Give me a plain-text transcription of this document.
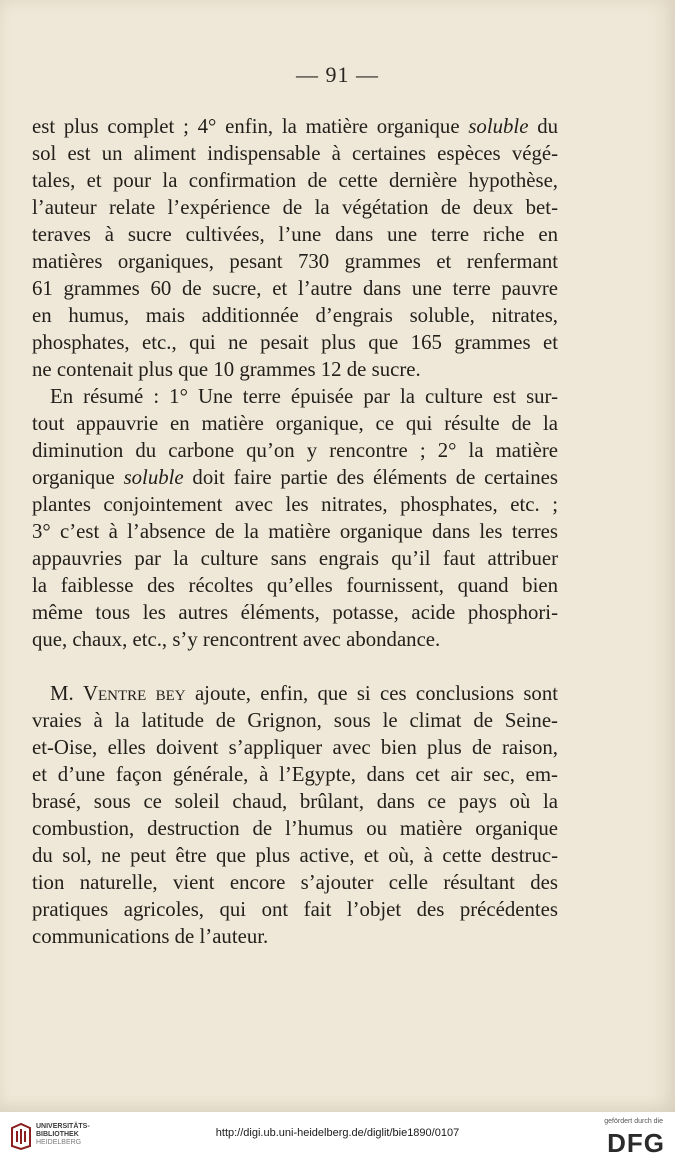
— 91 —
est plus complet ; 4° enfin, la matière organique soluble du
sol est un aliment indispensable à certaines espèces végé-
tales, et pour la confirmation de cette dernière hypothèse,
l’auteur relate l’expérience de la végétation de deux bet-
teraves à sucre cultivées, l’une dans une terre riche en
matières organiques, pesant 730 grammes et renfermant
61 grammes 60 de sucre, et l’autre dans une terre pauvre
en humus, mais additionnée d’engrais soluble, nitrates,
phosphates, etc., qui ne pesait plus que 165 grammes et
ne contenait plus que 10 grammes 12 de sucre.
En résumé : 1° Une terre épuisée par la culture est sur-
tout appauvrie en matière organique, ce qui résulte de la
diminution du carbone qu’on y rencontre ; 2° la matière
organique soluble doit faire partie des éléments de certaines
plantes conjointement avec les nitrates, phosphates, etc. ;
3° c’est à l’absence de la matière organique dans les terres
appauvries par la culture sans engrais qu’il faut attribuer
la faiblesse des récoltes qu’elles fournissent, quand bien
même tous les autres éléments, potasse, acide phosphori-
que, chaux, etc., s’y rencontrent avec abondance.
M. Ventre bey ajoute, enfin, que si ces conclusions sont
vraies à la latitude de Grignon, sous le climat de Seine-
et-Oise, elles doivent s’appliquer avec bien plus de raison,
et d’une façon générale, à l’Egypte, dans cet air sec, em-
brasé, sous ce soleil chaud, brûlant, dans ce pays où la
combustion, destruction de l’humus ou matière organique
du sol, ne peut être que plus active, et où, à cette destruc-
tion naturelle, vient encore s’ajouter celle résultant des
pratiques agricoles, qui ont fait l’objet des précédentes
communications de l’auteur.
UNIVERSITÄTS-
BIBLIOTHEK
HEIDELBERG
http://digi.ub.uni-heidelberg.de/diglit/bie1890/0107
gefördert durch die
DFG
